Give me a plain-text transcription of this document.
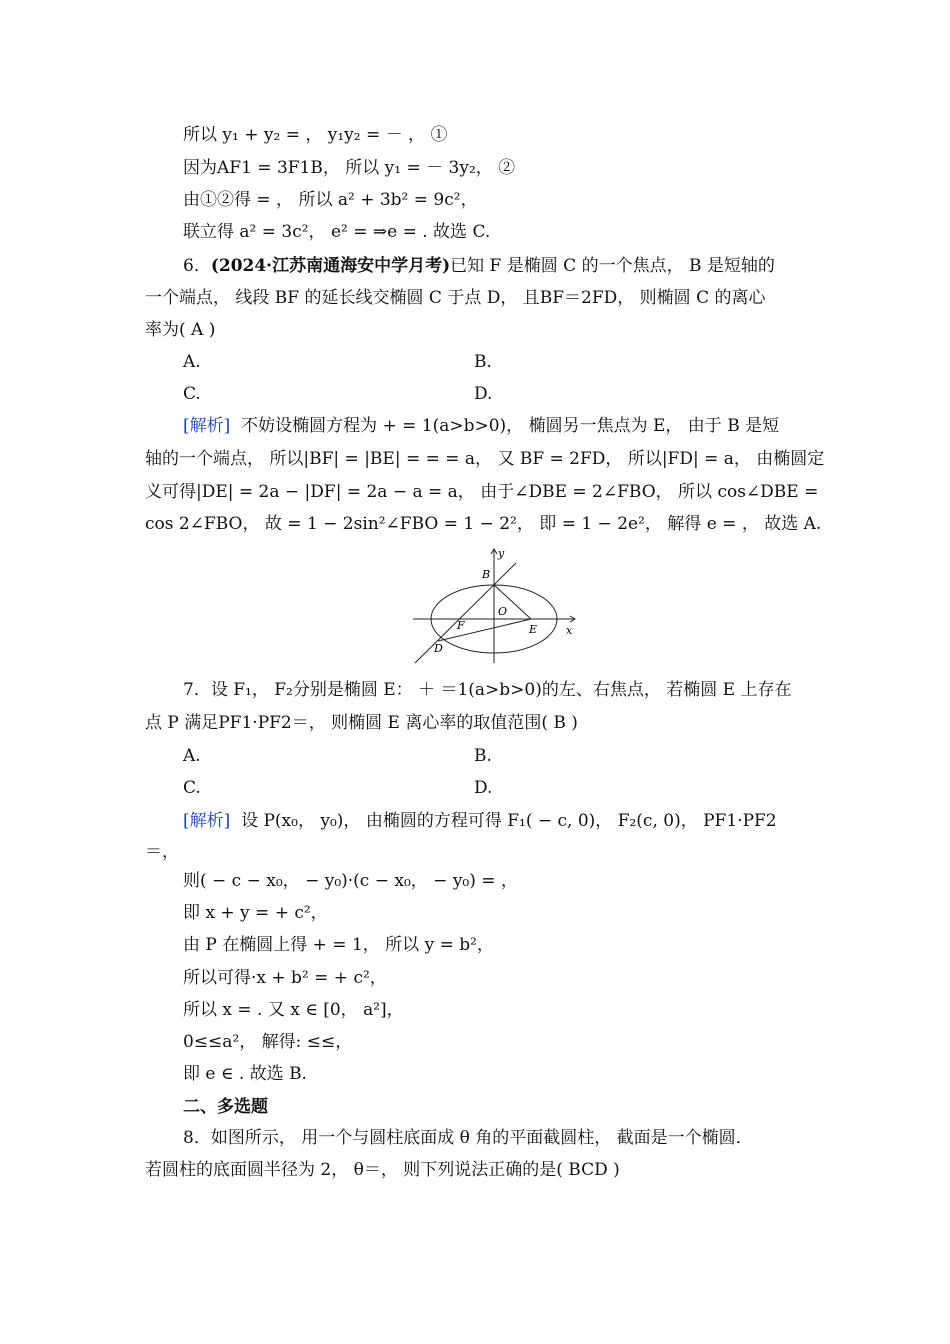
所以 y₁ + y₂ = ， y₁y₂ = － ， ①
因为AF1 = 3F1B， 所以 y₁ = － 3y₂， ②
由①②得 = ， 所以 a² + 3b² = 9c²，
联立得 a² = 3c²， e² = ⇒e = . 故选 C.
6．(2024·江苏南通海安中学月考)已知 F 是椭圆 C 的一个焦点， B 是短轴的
一个端点， 线段 BF 的延长线交椭圆 C 于点 D， 且BF＝2FD， 则椭圆 C 的离心
率为( A )
A.	B.
C.	D.
[解析] 不妨设椭圆方程为 + = 1(a>b>0)， 椭圆另一焦点为 E， 由于 B 是短
轴的一个端点， 所以|BF| = |BE| = = = a， 又 BF = 2FD， 所以|FD| = a， 由椭圆定
义可得|DE| = 2a − |DF| = 2a − a = a， 由于∠DBE = 2∠FBO， 所以 cos∠DBE =
cos 2∠FBO， 故 = 1 − 2sin²∠FBO = 1 − 2²， 即 = 1 − 2e²， 解得 e = ， 故选 A.
y
x
B
O
F	E
D
7．设 F₁， F₂分别是椭圆 E： ＋ ＝1(a>b>0)的左、右焦点， 若椭圆 E 上存在
点 P 满足PF1·PF2＝， 则椭圆 E 离心率的取值范围( B )
A.	B.
C.	D.
[解析] 设 P(x₀， y₀)， 由椭圆的方程可得 F₁( − c, 0)， F₂(c, 0)， PF1·PF2
＝，
则( − c − x₀， − y₀)·(c − x₀， − y₀) = ，
即 x + y = + c²，
由 P 在椭圆上得 + = 1， 所以 y = b²，
所以可得·x + b² = + c²，
所以 x = . 又 x ∈ [0， a²]，
0≤≤a²， 解得: ≤≤，
即 e ∈ . 故选 B.
二、多选题
8．如图所示， 用一个与圆柱底面成 θ 角的平面截圆柱， 截面是一个椭圆．
若圆柱的底面圆半径为 2， θ＝， 则下列说法正确的是( BCD )
